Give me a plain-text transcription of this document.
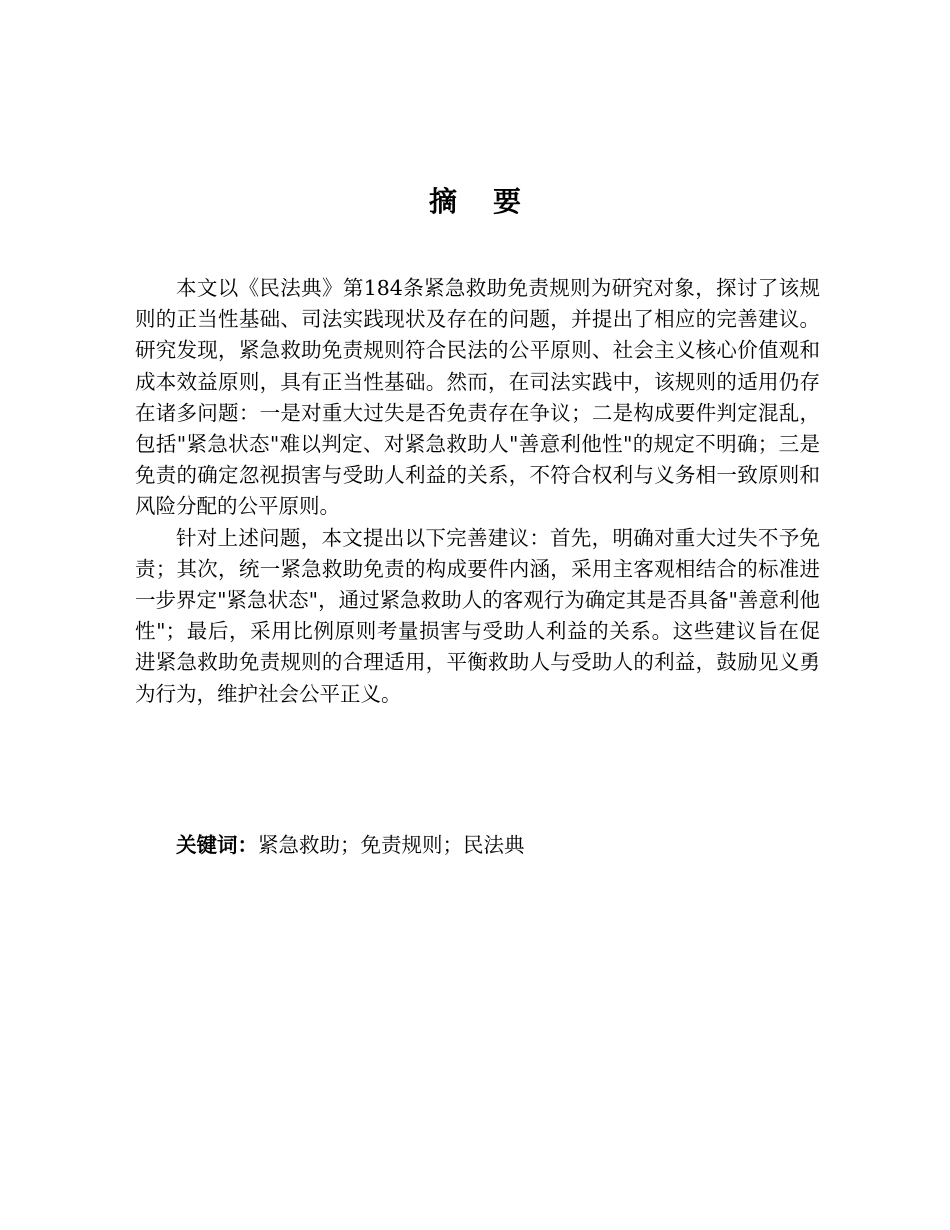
摘要

本文以《民法典》第184条紧急救助免责规则为研究对象，探讨了该规则的正当性基础、司法实践现状及存在的问题，并提出了相应的完善建议。研究发现，紧急救助免责规则符合民法的公平原则、社会主义核心价值观和成本效益原则，具有正当性基础。然而，在司法实践中，该规则的适用仍存在诸多问题：一是对重大过失是否免责存在争议；二是构成要件判定混乱，包括"紧急状态"难以判定、对紧急救助人"善意利他性"的规定不明确；三是免责的确定忽视损害与受助人利益的关系，不符合权利与义务相一致原则和风险分配的公平原则。

针对上述问题，本文提出以下完善建议：首先，明确对重大过失不予免责；其次，统一紧急救助免责的构成要件内涵，采用主客观相结合的标准进一步界定"紧急状态"，通过紧急救助人的客观行为确定其是否具备"善意利他性"；最后，采用比例原则考量损害与受助人利益的关系。这些建议旨在促进紧急救助免责规则的合理适用，平衡救助人与受助人的利益，鼓励见义勇为行为，维护社会公平正义。

关键词：紧急救助；免责规则；民法典
